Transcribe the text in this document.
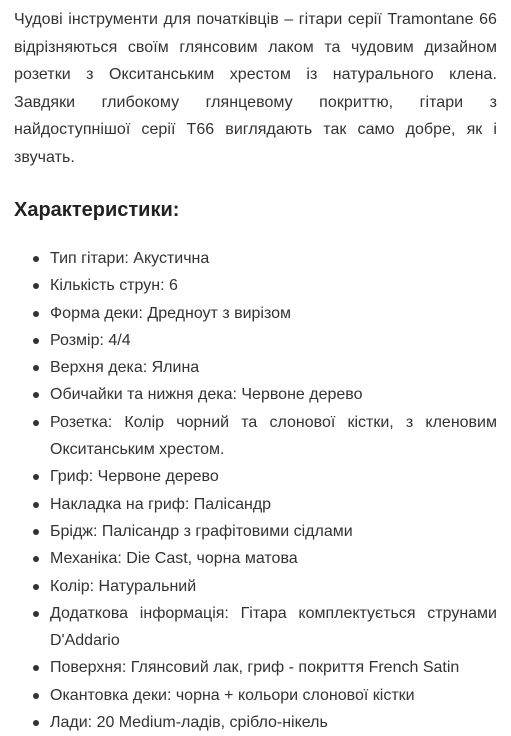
Чудові інструменти для початківців – гітари серії Tramontane 66 відрізняються своїм глянсовим лаком та чудовим дизайном розетки з Окситанським хрестом із натурального клена. Завдяки глибокому глянцевому покриттю, гітари з найдоступнішої серії T66 виглядають так само добре, як і звучать.

Характеристики:
Тип гітари: Акустична
Кількість струн: 6
Форма деки: Дредноут з вирізом
Розмір: 4/4
Верхня дека: Ялина
Обичайки та нижня дека: Червоне дерево
Розетка: Колір чорний та слонової кістки, з кленовим Окситанським хрестом.
Гриф: Червоне дерево
Накладка на гриф: Палісандр
Брідж: Палісандр з графітовими сідлами
Механіка: Die Cast, чорна матова
Колір: Натуральний
Додаткова інформація: Гітара комплектується струнами D'Addario
Поверхня: Глянсовий лак, гриф - покриття French Satin
Окантовка деки: чорна + кольори слонової кістки
Лади: 20 Medium-ладів, срібло-нікель
